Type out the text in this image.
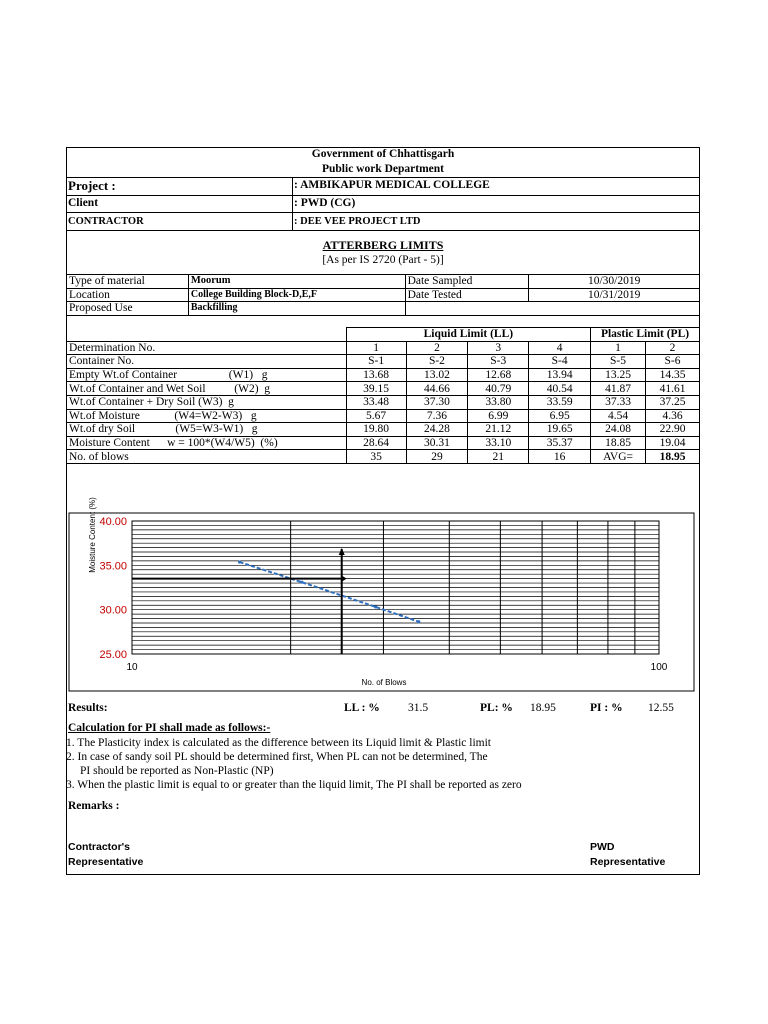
Government of Chhattisgarh
Public work Department
Project :	: AMBIKAPUR MEDICAL COLLEGE
Client	: PWD (CG)
CONTRACTOR	: DEE VEE PROJECT LTD
ATTERBERG LIMITS
[As per IS 2720 (Part - 5)]
Type of material	Moorum	Date Sampled	10/30/2019
Location	College Building Block-D,E,F	Date Tested	10/31/2019
Proposed Use	Backfilling		
	Liquid Limit (LL)				Plastic Limit (PL)	
Determination No.	1	2	3	4	1	2
Container No.	S-1	S-2	S-3	S-4	S-5	S-6
Empty Wt.of Container                  (W1)   g	13.68	13.02	12.68	13.94	13.25	14.35
Wt.of Container and Wet Soil          (W2)  g	39.15	44.66	40.79	40.54	41.87	41.61
Wt.of Container + Dry Soil (W3)  g	33.48	37.30	33.80	33.59	37.33	37.25
Wt.of Moisture            (W4=W2-W3)   g	5.67	7.36	6.99	6.95	4.54	4.36
Wt.of dry Soil              (W5=W3-W1)   g	19.80	24.28	21.12	19.65	24.08	22.90
Moisture Content      w = 100*(W4/W5)  (%)	28.64	30.31	33.10	35.37	18.85	19.04
No. of blows	35	29	21	16	AVG=	18.95
40.00
35.00
30.00
25.00
10	100
Moisture Content (%)
No. of Blows
Results:	LL : % 31.5	PL: % 18.95	PI : % 12.55
Calculation for PI shall made as follows:-
1. The Plasticity index is calculated as the difference between its Liquid limit & Plastic limit
2. In case of sandy soil PL should be determined first, When PL can not be determined, The
PI should be reported as Non-Plastic (NP)
3. When the plastic limit is equal to or greater than the liquid limit, The PI shall be reported as zero
Remarks :
Contractor's
Representative
PWD
Representative
